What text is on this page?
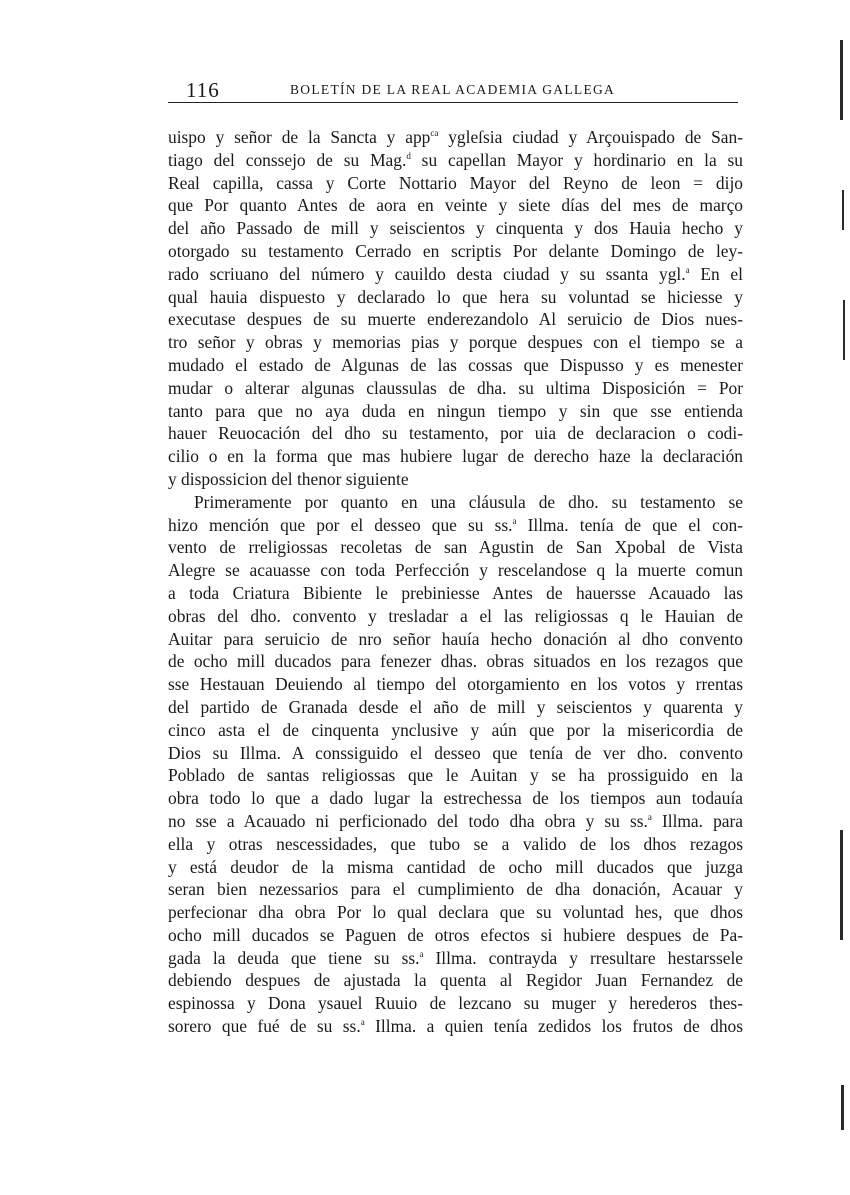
116	BOLETÍN DE LA REAL ACADEMIA GALLEGA
uispo y señor de la Sancta y app$^{ca}$ ygleſsia ciudad y Arçouispado de San-
tiago del conssejo de su Mag.$^d$ su capellan Mayor y hordinario en la su
Real capilla, cassa y Corte Nottario Mayor del Reyno de leon = dijo
que Por quanto Antes de aora en veinte y siete días del mes de março
del año Passado de mill y seiscientos y cinquenta y dos Hauia hecho y
otorgado su testamento Cerrado en scriptis Por delante Domingo de ley-
rado scriuano del número y cauildo desta ciudad y su ssanta ygl.$^a$ En el
qual hauia dispuesto y declarado lo que hera su voluntad se hiciesse y
executase despues de su muerte enderezandolo Al seruicio de Dios nues-
tro señor y obras y memorias pias y porque despues con el tiempo se a
mudado el estado de Algunas de las cossas que Dispusso y es menester
mudar o alterar algunas claussulas de dha. su ultima Disposición = Por
tanto para que no aya duda en ningun tiempo y sin que sse entienda
hauer Reuocación del dho su testamento, por uia de declaracion o codi-
cilio o en la forma que mas hubiere lugar de derecho haze la declaración
y dispossicion del thenor siguiente
Primeramente por quanto en una cláusula de dho. su testamento se
hizo mención que por el desseo que su ss.$^a$ Illma. tenía de que el con-
vento de rreligiossas recoletas de san Agustin de San Xpobal de Vista
Alegre se acauasse con toda Perfección y rescelandose q la muerte comun
a toda Criatura Bibiente le prebiniesse Antes de hauersse Acauado las
obras del dho. convento y tresladar a el las religiossas q le Hauian de
Auitar para seruicio de nro señor hauía hecho donación al dho convento
de ocho mill ducados para fenezer dhas. obras situados en los rezagos que
sse Hestauan Deuiendo al tiempo del otorgamiento en los votos y rrentas
del partido de Granada desde el año de mill y seiscientos y quarenta y
cinco asta el de cinquenta ynclusive y aún que por la misericordia de
Dios su Illma. A conssiguido el desseo que tenía de ver dho. convento
Poblado de santas religiossas que le Auitan y se ha prossiguido en la
obra todo lo que a dado lugar la estrechessa de los tiempos aun todauía
no sse a Acauado ni perficionado del todo dha obra y su ss.$^a$ Illma. para
ella y otras nescessidades, que tubo se a valido de los dhos rezagos
y está deudor de la misma cantidad de ocho mill ducados que juzga
seran bien nezessarios para el cumplimiento de dha donación, Acauar y
perfecionar dha obra Por lo qual declara que su voluntad hes, que dhos
ocho mill ducados se Paguen de otros efectos si hubiere despues de Pa-
gada la deuda que tiene su ss.$^a$ Illma. contrayda y rresultare hestarssele
debiendo despues de ajustada la quenta al Regidor Juan Fernandez de
espinossa y Dona ysauel Ruuio de lezcano su muger y herederos thes-
sorero que fué de su ss.$^a$ Illma. a quien tenía zedidos los frutos de dhos
